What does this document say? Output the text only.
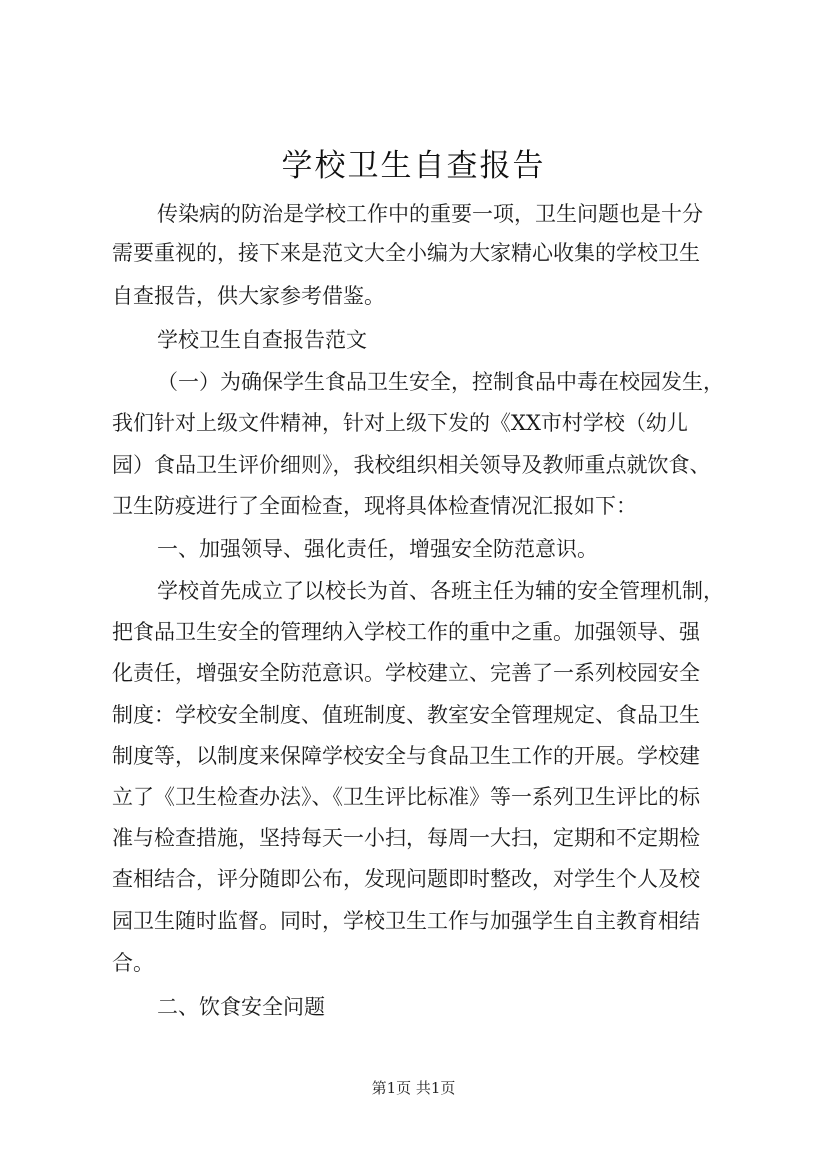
学校卫生自查报告
传染病的防治是学校工作中的重要一项，卫生问题也是十分
需要重视的，接下来是范文大全小编为大家精心收集的学校卫生
自查报告，供大家参考借鉴。
学校卫生自查报告范文
（一）为确保学生食品卫生安全，控制食品中毒在校园发生，
我们针对上级文件精神，针对上级下发的《XX市村学校（幼儿
园）食品卫生评价细则》，我校组织相关领导及教师重点就饮食、
卫生防疫进行了全面检查，现将具体检查情况汇报如下：
一、加强领导、强化责任，增强安全防范意识。
学校首先成立了以校长为首、各班主任为辅的安全管理机制，
把食品卫生安全的管理纳入学校工作的重中之重。加强领导、强
化责任，增强安全防范意识。学校建立、完善了一系列校园安全
制度：学校安全制度、值班制度、教室安全管理规定、食品卫生
制度等，以制度来保障学校安全与食品卫生工作的开展。学校建
立了《卫生检查办法》、《卫生评比标准》等一系列卫生评比的标
准与检查措施，坚持每天一小扫，每周一大扫，定期和不定期检
查相结合，评分随即公布，发现问题即时整改，对学生个人及校
园卫生随时监督。同时，学校卫生工作与加强学生自主教育相结
合。
二、饮食安全问题
第1页 共1页
